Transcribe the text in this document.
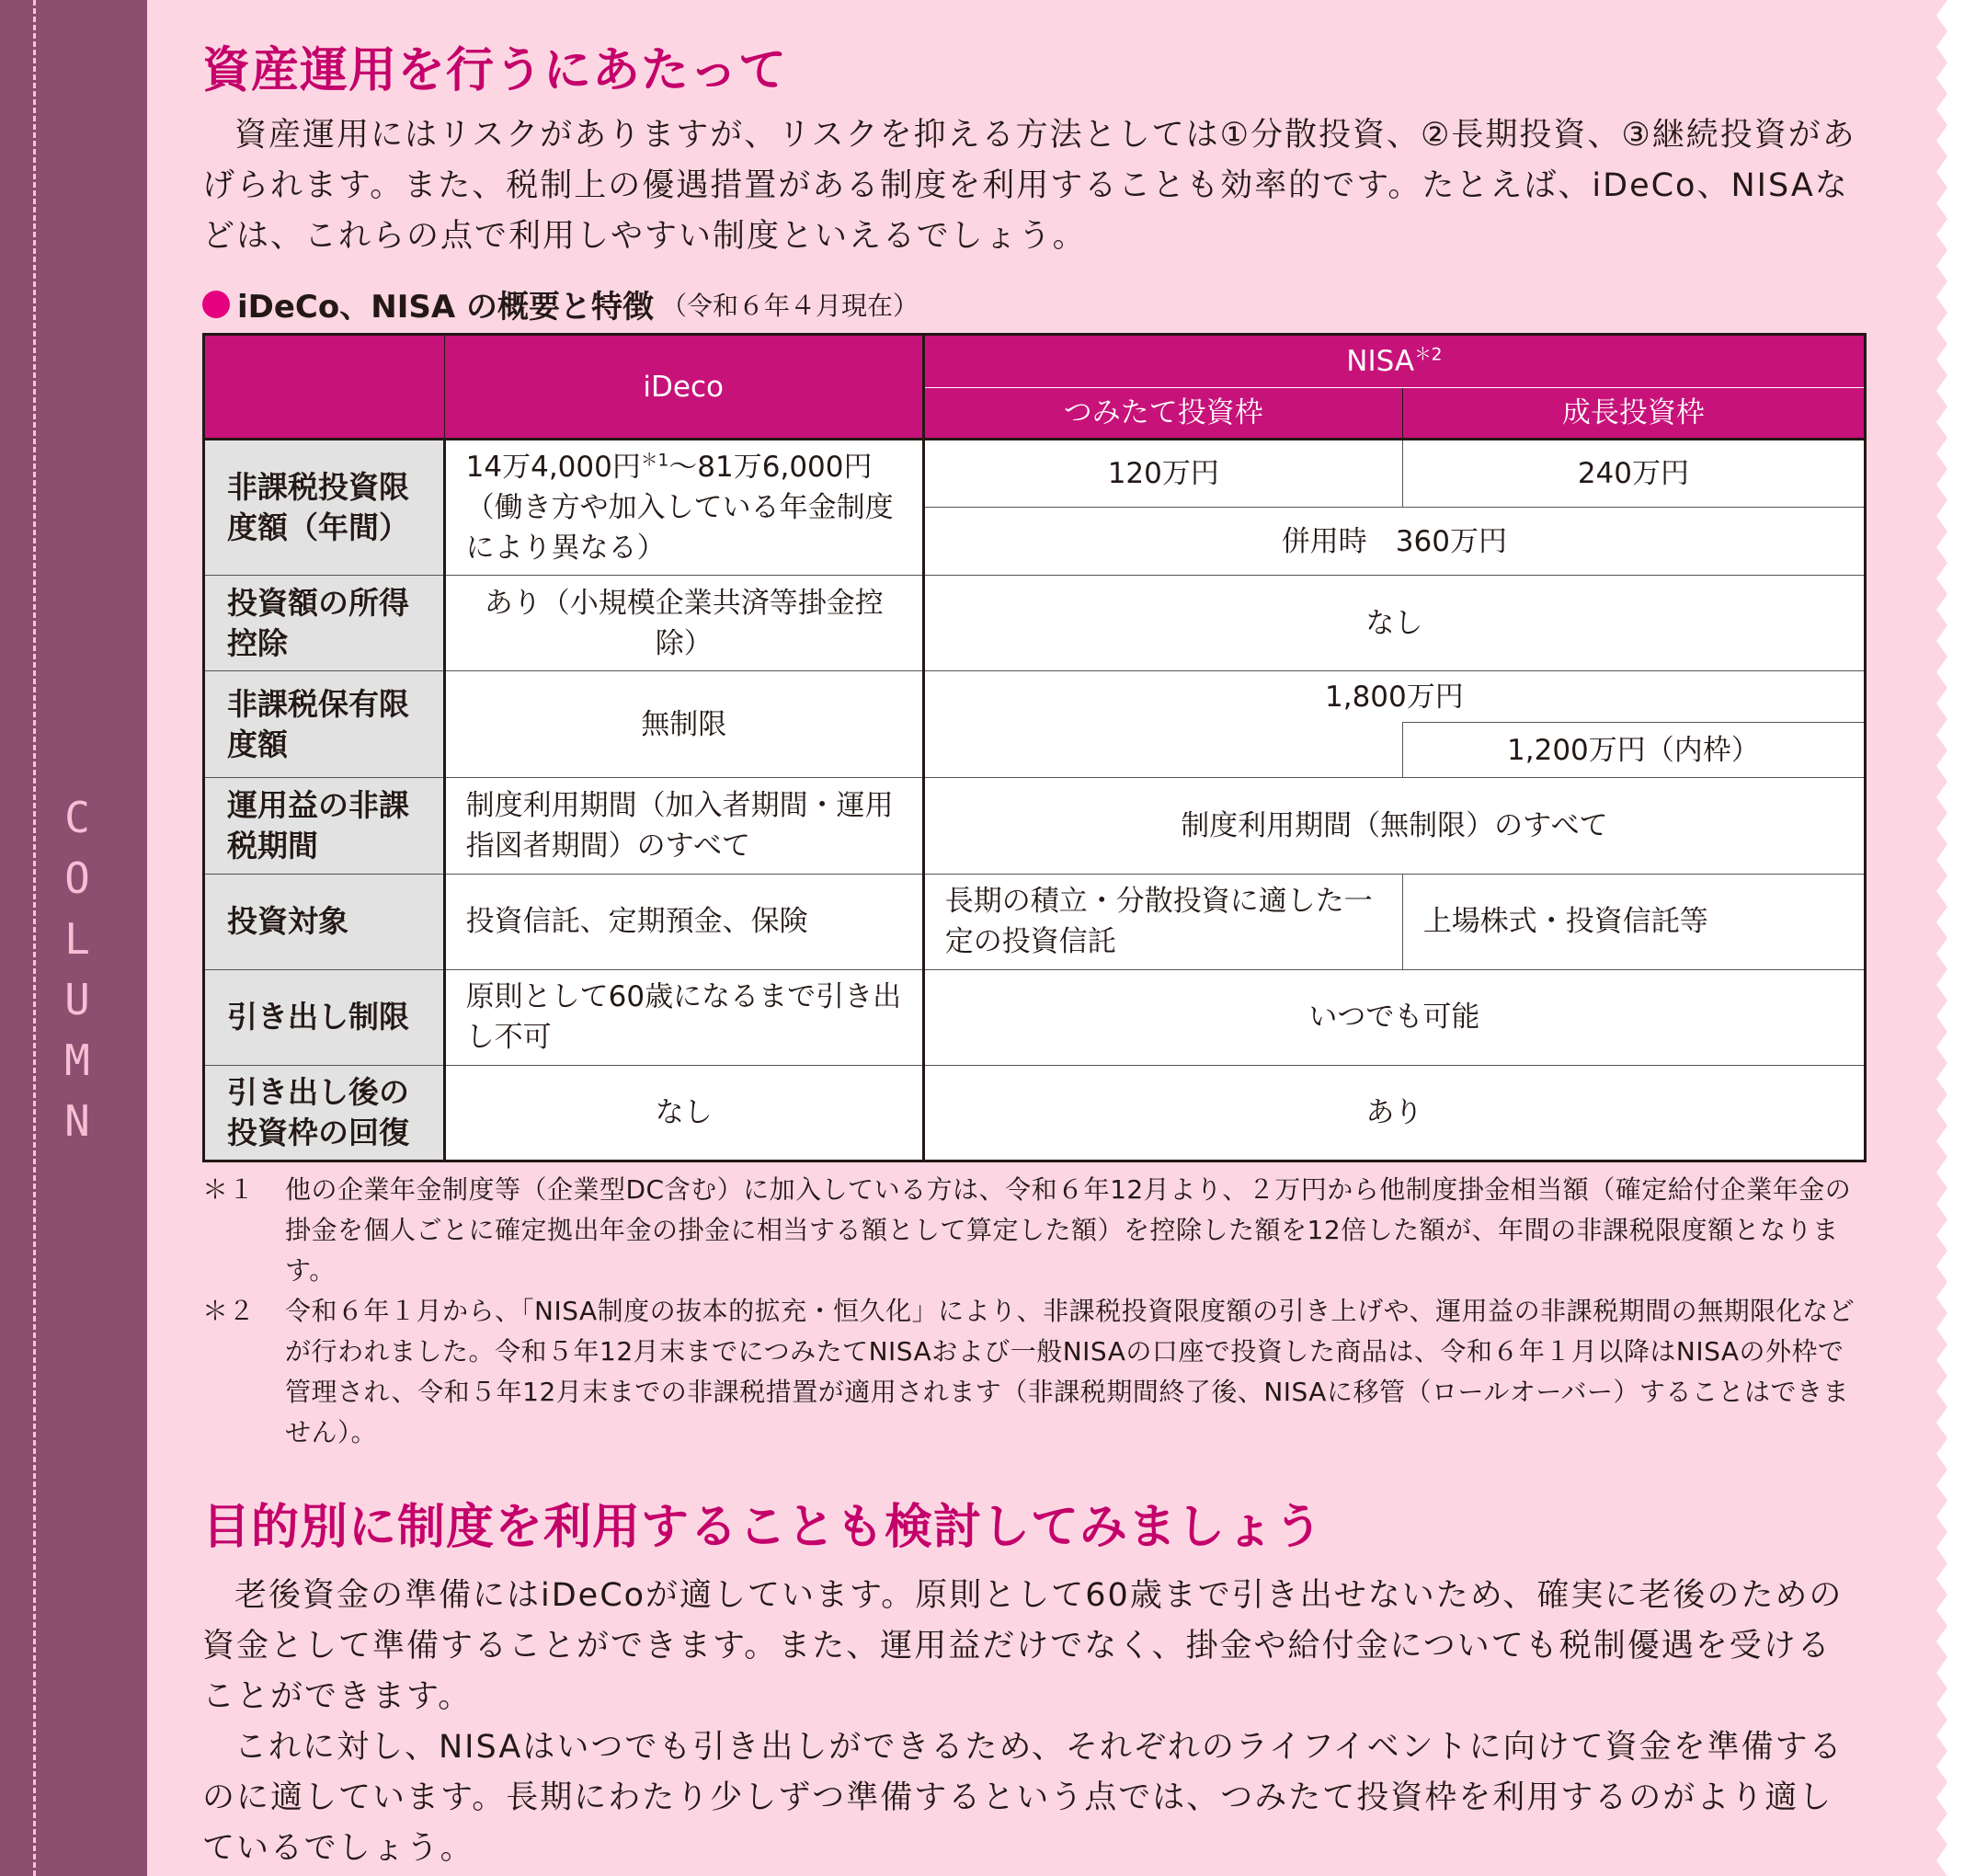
C
O
L
U
M
N
資産運用を行うにあたって

資産運用にはリスクがありますが、リスクを抑える方法としては①分散投資、②長期投資、③継続投資があげられます。また、税制上の優遇措置がある制度を利用することも効率的です。たとえば、iDeCo、NISAなどは、これらの点で利用しやすい制度といえるでしょう。

iDeCo、NISA の概要と特徴 （令和６年４月現在）
	iDeco	$NISA^{*2}$
		つみたて投資枠	成長投資枠
非課税投資限度額（年間）	14万4,000円$^{*1}$～81万6,000円（働き方や加入している年金制度により異なる）	120万円	240万円
		併用時　360万円	
投資額の所得控除	あり（小規模企業共済等掛金控除）	なし	
非課税保有限度額	無制限	1,800万円	
			1,200万円（内枠）
運用益の非課税期間	制度利用期間（加入者期間・運用指図者期間）のすべて	制度利用期間（無制限）のすべて	
投資対象	投資信託、定期預金、保険	長期の積立・分散投資に適した一定の投資信託	上場株式・投資信託等
引き出し制限	原則として60歳になるまで引き出し不可	いつでも可能	
引き出し後の投資枠の回復	なし	あり	
＊１	他の企業年金制度等（企業型DC含む）に加入している方は、令和６年12月より、２万円から他制度掛金相当額（確定給付企業年金の掛金を個人ごとに確定拠出年金の掛金に相当する額として算定した額）を控除した額を12倍した額が、年間の非課税限度額となります。
＊２	令和６年１月から、「NISA制度の抜本的拡充・恒久化」により、非課税投資限度額の引き上げや、運用益の非課税期間の無期限化などが行われました。令和５年12月末までにつみたてNISAおよび一般NISAの口座で投資した商品は、令和６年１月以降はNISAの外枠で管理され、令和５年12月末までの非課税措置が適用されます（非課税期間終了後、NISAに移管（ロールオーバー）することはできません）。
目的別に制度を利用することも検討してみましょう

老後資金の準備にはiDeCoが適しています。原則として60歳まで引き出せないため、確実に老後のための資金として準備することができます。また、運用益だけでなく、掛金や給付金についても税制優遇を受けることができます。

これに対し、NISAはいつでも引き出しができるため、それぞれのライフイベントに向けて資金を準備するのに適しています。長期にわたり少しずつ準備するという点では、つみたて投資枠を利用するのがより適しているでしょう。
